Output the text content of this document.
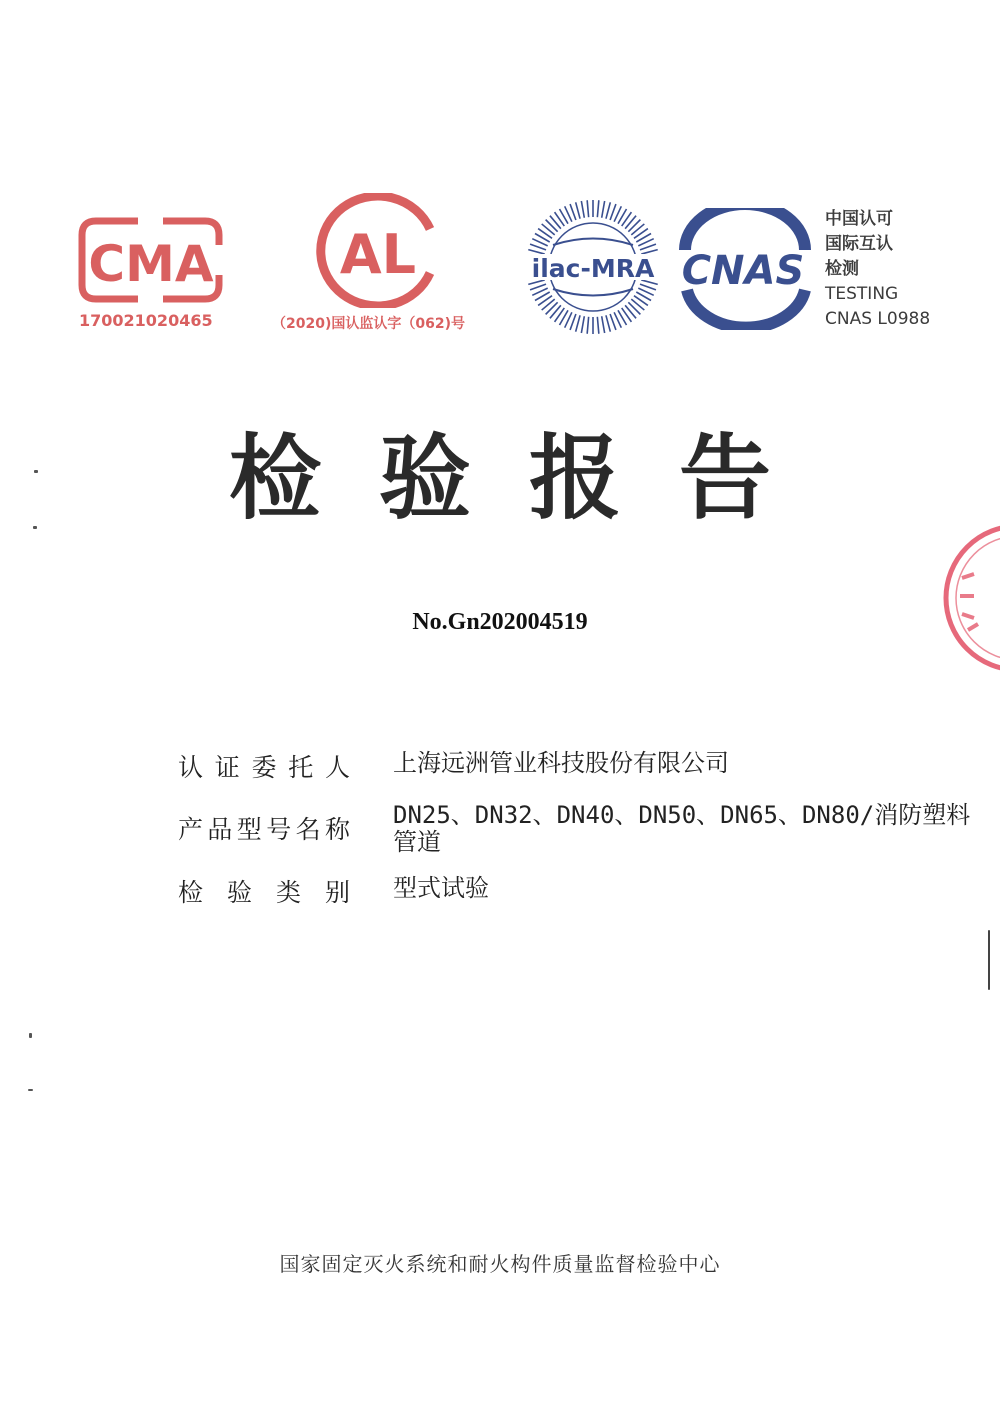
CMA
170021020465
AL
（2020)国认监认字（062)号
ilac-MRA CNAS
中国认可
国际互认
检测
TESTING
CNAS L0988
检验报告
No.Gn202004519
认证委托人 上海远洲管业科技股份有限公司
产品型号名称 DN25、DN32、DN40、DN50、DN65、DN80/消防塑料管道
检验类别 型式试验
国家固定灭火系统和耐火构件质量监督检验中心
